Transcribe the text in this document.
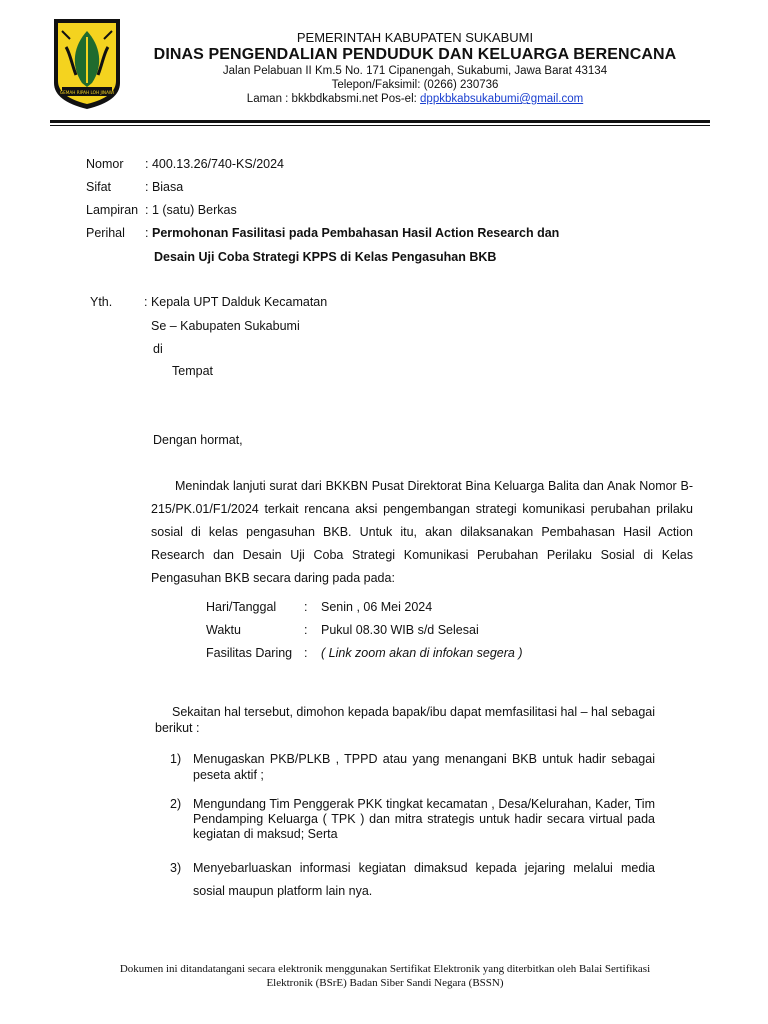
GEMAH RIPAH LOH JINAWI
PEMERINTAH KABUPATEN SUKABUMI
DINAS PENGENDALIAN PENDUDUK DAN KELUARGA BERENCANA
Jalan Pelabuan II Km.5 No. 171 Cipanengah, Sukabumi, Jawa Barat 43134
Telepon/Faksimil: (0266) 230736
Laman : bkkbdkabsmi.net Pos-el: dppkbkabsukabumi@gmail.com
Nomor : 400.13.26/740-KS/2024
Sifat	: Biasa
Lampiran : 1 (satu) Berkas
Perihal : Permohonan Fasilitasi pada Pembahasan Hasil Action Research dan
Desain Uji Coba Strategi KPPS di Kelas Pengasuhan BKB
Yth.	: Kepala UPT Dalduk Kecamatan
Se – Kabupaten Sukabumi
di
Tempat
Dengan hormat,
Menindak lanjuti surat dari BKKBN Pusat Direktorat Bina Keluarga Balita dan Anak Nomor B-215/PK.01/F1/2024 terkait rencana aksi pengembangan strategi komunikasi perubahan prilaku sosial di kelas pengasuhan BKB. Untuk itu, akan dilaksanakan Pembahasan Hasil Action Research dan Desain Uji Coba Strategi Komunikasi Perubahan Perilaku Sosial di Kelas Pengasuhan BKB secara daring pada pada:
Hari/Tanggal : Senin , 06 Mei 2024
Waktu	: Pukul 08.30 WIB s/d Selesai
Fasilitas Daring : ( Link zoom akan di infokan segera )
Sekaitan hal tersebut, dimohon kepada bapak/ibu dapat memfasilitasi hal – hal sebagai berikut :
1) Menugaskan PKB/PLKB , TPPD atau yang menangani BKB untuk hadir sebagai peseta aktif ;
2) Mengundang Tim Penggerak PKK tingkat kecamatan , Desa/Kelurahan, Kader, Tim Pendamping Keluarga ( TPK ) dan mitra strategis untuk hadir secara virtual pada kegiatan di maksud; Serta
3) Menyebarluaskan informasi kegiatan dimaksud kepada jejaring melalui media sosial maupun platform lain nya.
Dokumen ini ditandatangani secara elektronik menggunakan Sertifikat Elektronik yang diterbitkan oleh Balai Sertifikasi
Elektronik (BSrE) Badan Siber Sandi Negara (BSSN)
